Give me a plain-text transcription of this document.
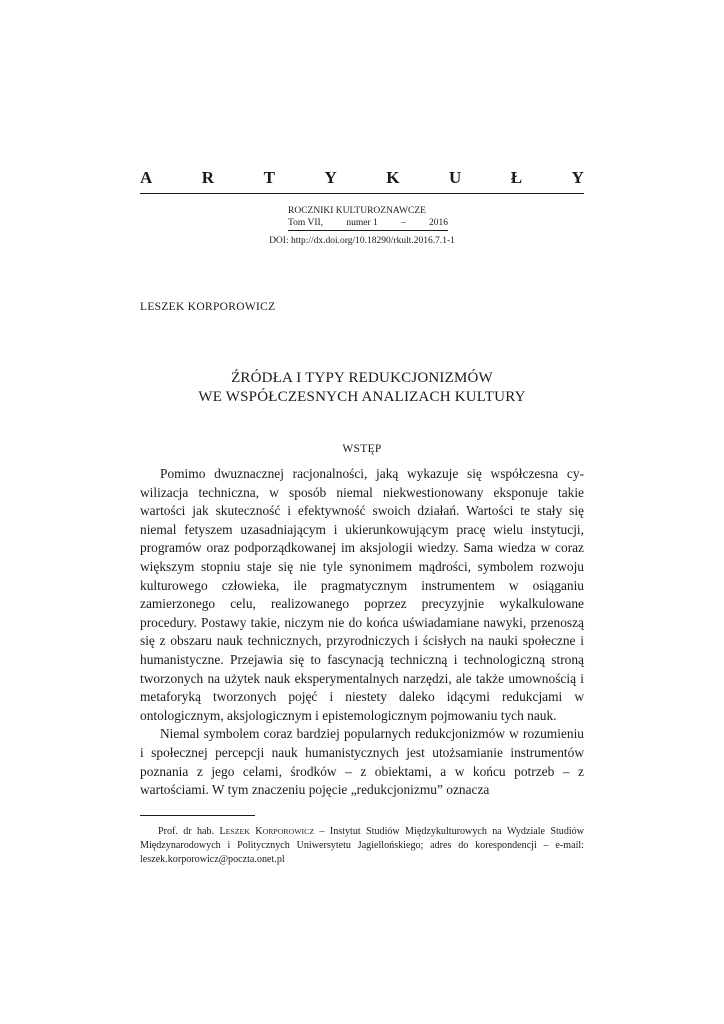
A	R	T	Y	K	U	Ł	Y
ROCZNIKI KULTUROZNAWCZE
Tom VII, numer 1 – 2016
DOI: http://dx.doi.org/10.18290/rkult.2016.7.1-1
LESZEK KORPOROWICZ
ŹRÓDŁA I TYPY REDUKCJONIZMÓW
WE WSPÓŁCZESNYCH ANALIZACH KULTURY
WSTĘP

Pomimo dwuznacznej racjonalności, jaką wykazuje się współczesna cywilizacja techniczna, w sposób niemal niekwestionowany eksponuje takie wartości jak skuteczność i efektywność swoich działań. Wartości te stały się niemal fetyszem uzasadniającym i ukierunkowującym pracę wielu instytucji, programów oraz podporządkowanej im aksjologii wiedzy. Sama wiedza w coraz większym stopniu staje się nie tyle synonimem mądrości, symbolem rozwoju kulturowego człowieka, ile pragmatycznym instrumentem w osiąganiu zamierzonego celu, realizowanego poprzez precyzyjnie wykalkulowane procedury. Postawy takie, niczym nie do końca uświadamiane nawyki, przenoszą się z obszaru nauk technicznych, przyrodniczych i ścisłych na nauki społeczne i humanistyczne. Przejawia się to fascynacją techniczną i technologiczną stroną tworzonych na użytek nauk eksperymentalnych narzędzi, ale także umownością i metaforyką tworzonych pojęć i niestety daleko idącymi redukcjami w ontologicznym, aksjologicznym i epistemologicznym pojmowaniu tych nauk.

Niemal symbolem coraz bardziej popularnych redukcjonizmów w rozumieniu i społecznej percepcji nauk humanistycznych jest utożsamianie instrumentów poznania z jego celami, środków – z obiektami, a w końcu potrzeb – z wartościami. W tym znaczeniu pojęcie „redukcjonizmu” oznacza

Prof. dr hab. LESZEK KORPOROWICZ – Instytut Studiów Międzykulturowych na Wydziale Studiów Międzynarodowych i Politycznych Uniwersytetu Jagiellońskiego; adres do korespondencji – e-mail: leszek.korporowicz@poczta.onet.pl
